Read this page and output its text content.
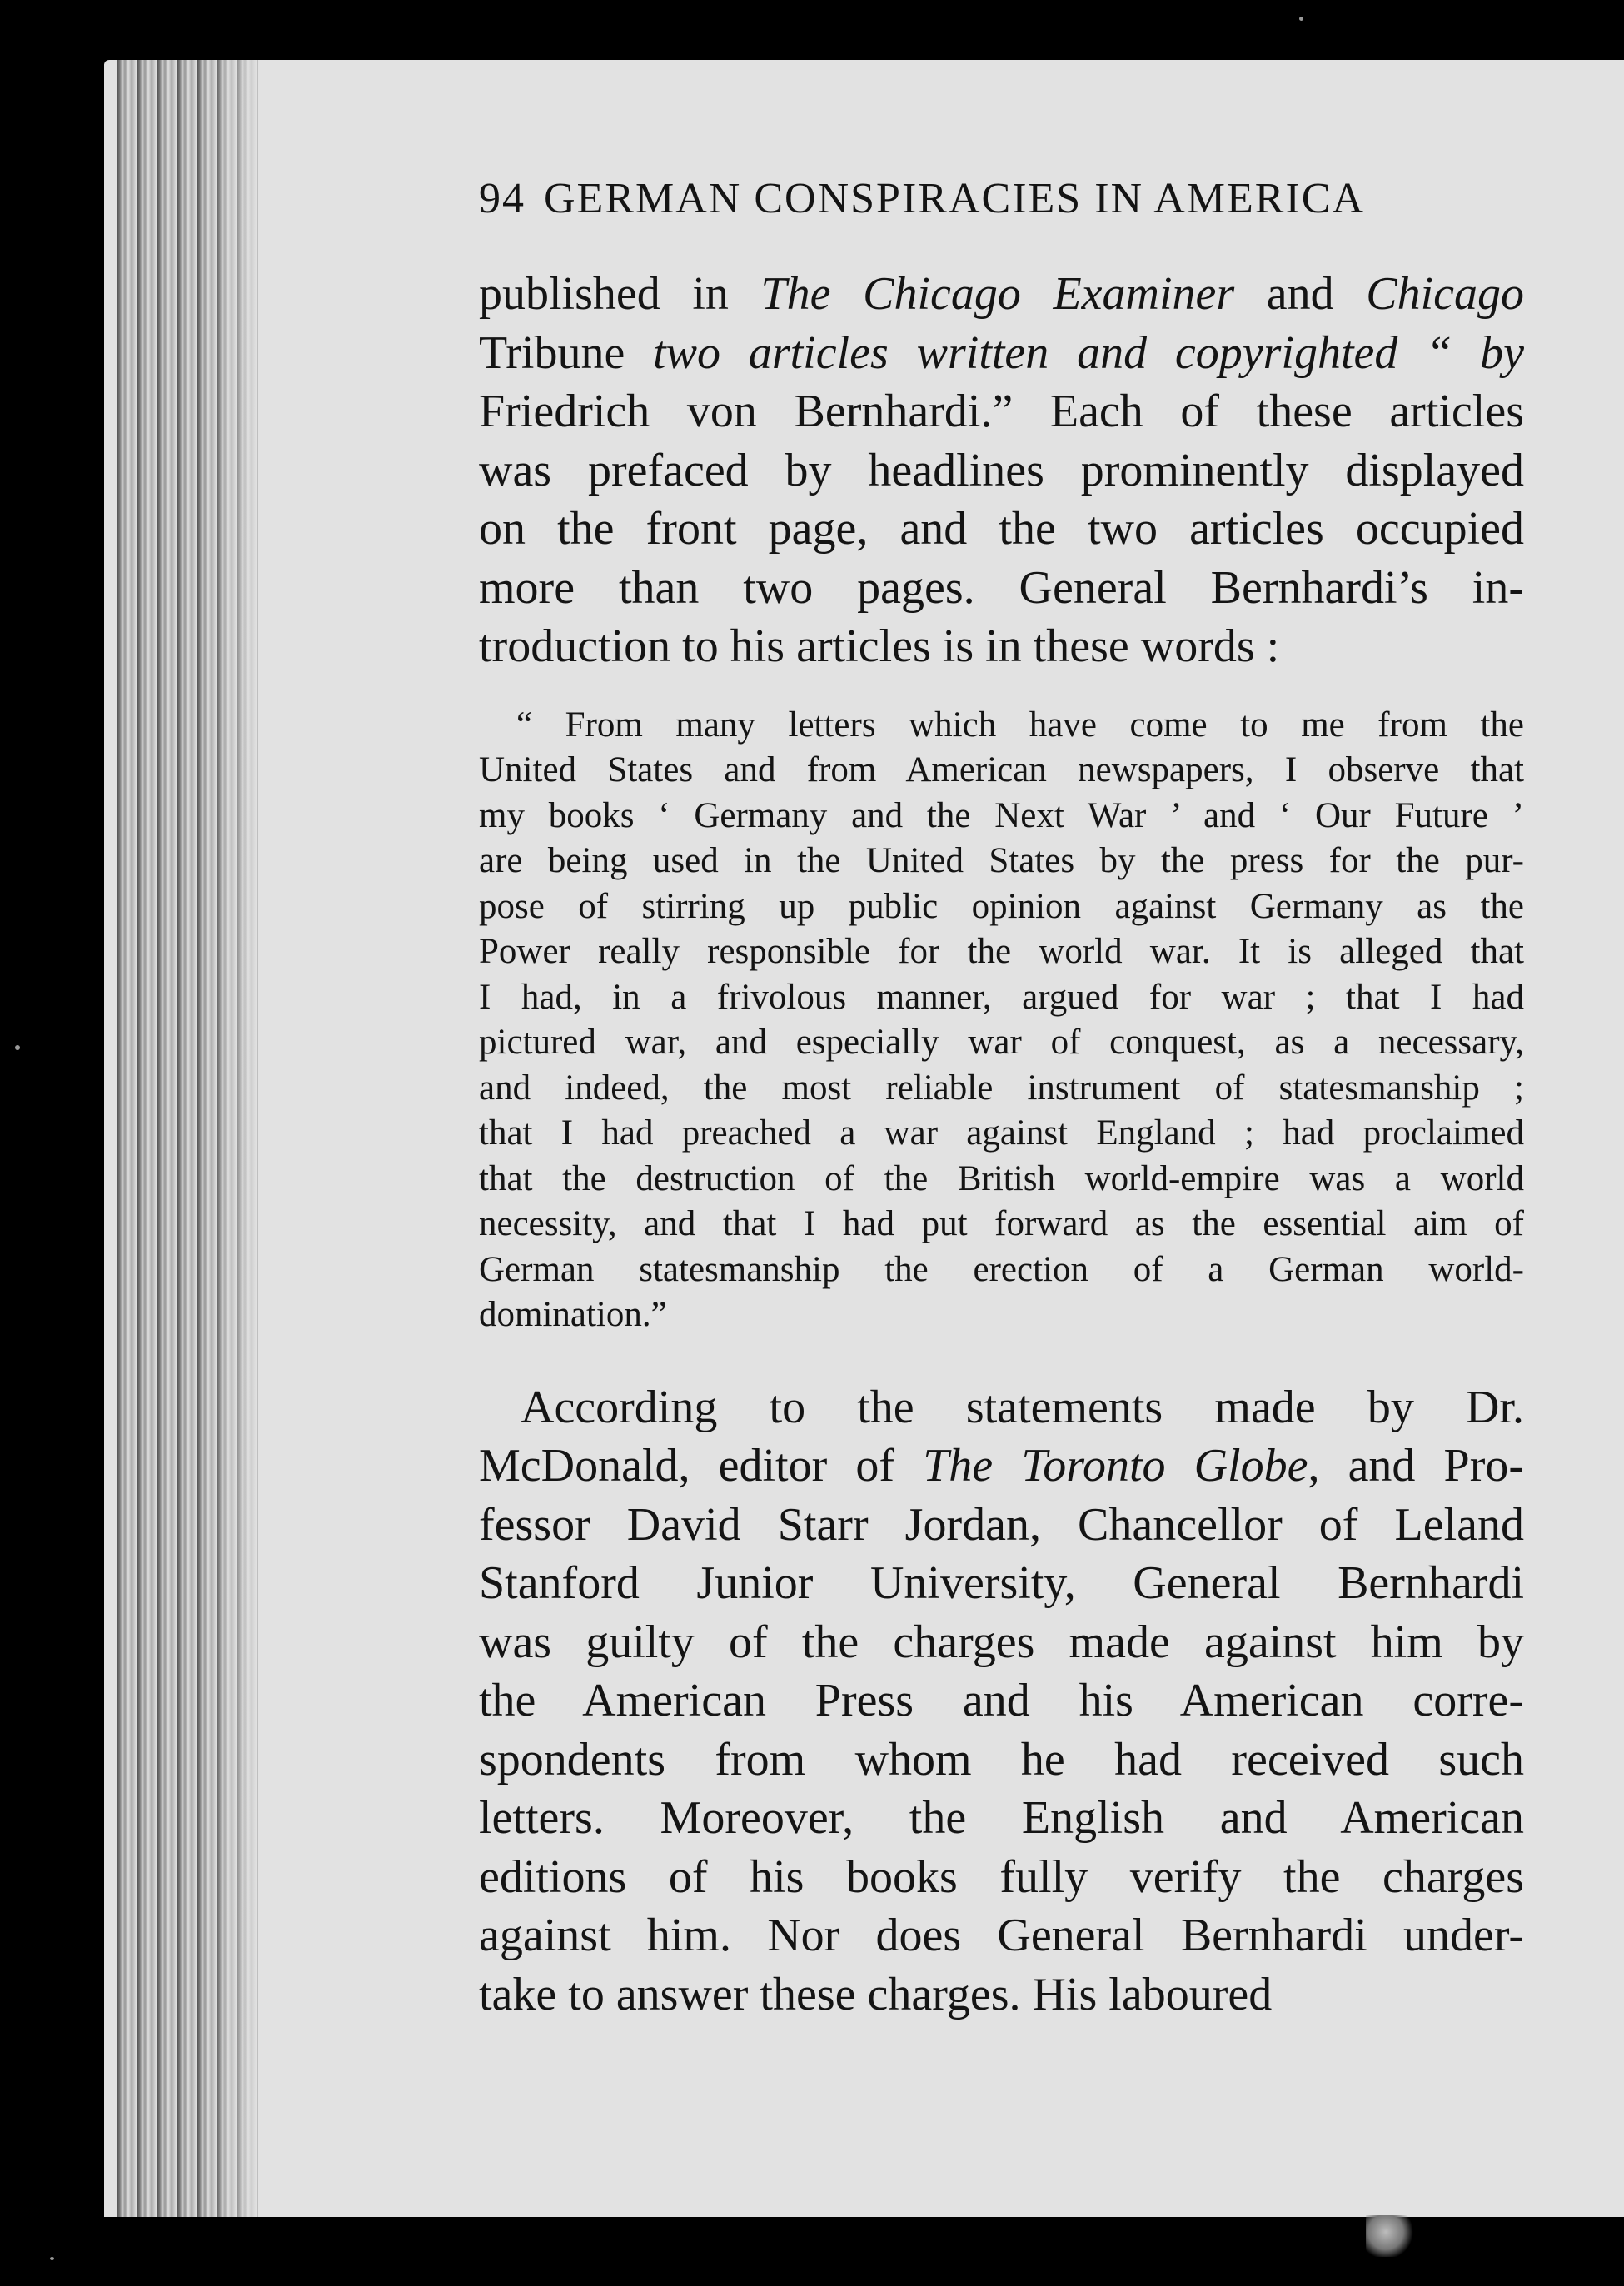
94 GERMAN CONSPIRACIES IN AMERICA
published in The Chicago Examiner and Chicago
Tribune two articles written and copyrighted “ by
Friedrich von Bernhardi.” Each of these articles
was prefaced by headlines prominently displayed
on the front page, and the two articles occupied
more than two pages. General Bernhardi’s in-
troduction to his articles is in these words :
“ From many letters which have come to me from the
United States and from American newspapers, I observe that
my books ‘ Germany and the Next War ’ and ‘ Our Future ’
are being used in the United States by the press for the pur-
pose of stirring up public opinion against Germany as the
Power really responsible for the world war. It is alleged that
I had, in a frivolous manner, argued for war ; that I had
pictured war, and especially war of conquest, as a necessary,
and indeed, the most reliable instrument of statesmanship ;
that I had preached a war against England ; had proclaimed
that the destruction of the British world-empire was a world
necessity, and that I had put forward as the essential aim of
German statesmanship the erection of a German world-
domination.”
According to the statements made by Dr.
McDonald, editor of The Toronto Globe, and Pro-
fessor David Starr Jordan, Chancellor of Leland
Stanford Junior University, General Bernhardi
was guilty of the charges made against him by
the American Press and his American corre-
spondents from whom he had received such
letters. Moreover, the English and American
editions of his books fully verify the charges
against him. Nor does General Bernhardi under-
take to answer these charges. His laboured
